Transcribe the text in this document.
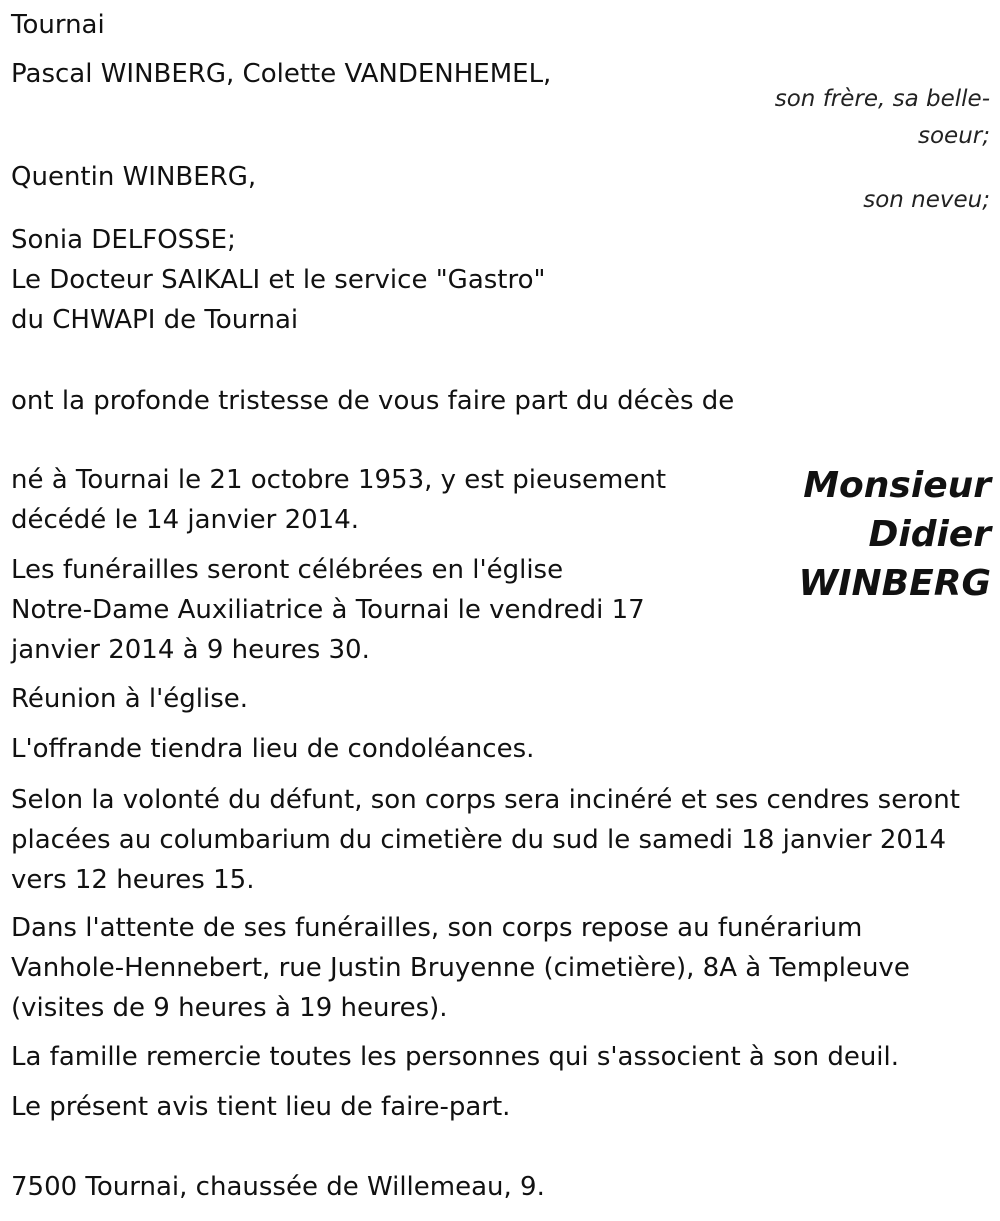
Tournai

Pascal WINBERG, Colette VANDENHEMEL,

son frère, sa belle-
soeur;

Quentin WINBERG,

son neveu;

Sonia DELFOSSE;

Le Docteur SAIKALI et le service "Gastro"

du CHWAPI de Tournai

ont la profonde tristesse de vous faire part du décès de

Monsieur
Didier
WINBERG

né à Tournai le 21 octobre 1953, y est pieusement

décédé le 14 janvier 2014.

Les funérailles seront célébrées en l'église

Notre-Dame Auxiliatrice à Tournai le vendredi 17

janvier 2014 à 9 heures 30.

Réunion à l'église.

L'offrande tiendra lieu de condoléances.

Selon la volonté du défunt, son corps sera incinéré et ses cendres seront

placées au columbarium du cimetière du sud le samedi 18 janvier 2014

vers 12 heures 15.

Dans l'attente de ses funérailles, son corps repose au funérarium

Vanhole-Hennebert, rue Justin Bruyenne (cimetière), 8A à Templeuve

(visites de 9 heures à 19 heures).

La famille remercie toutes les personnes qui s'associent à son deuil.

Le présent avis tient lieu de faire-part.

7500 Tournai, chaussée de Willemeau, 9.
